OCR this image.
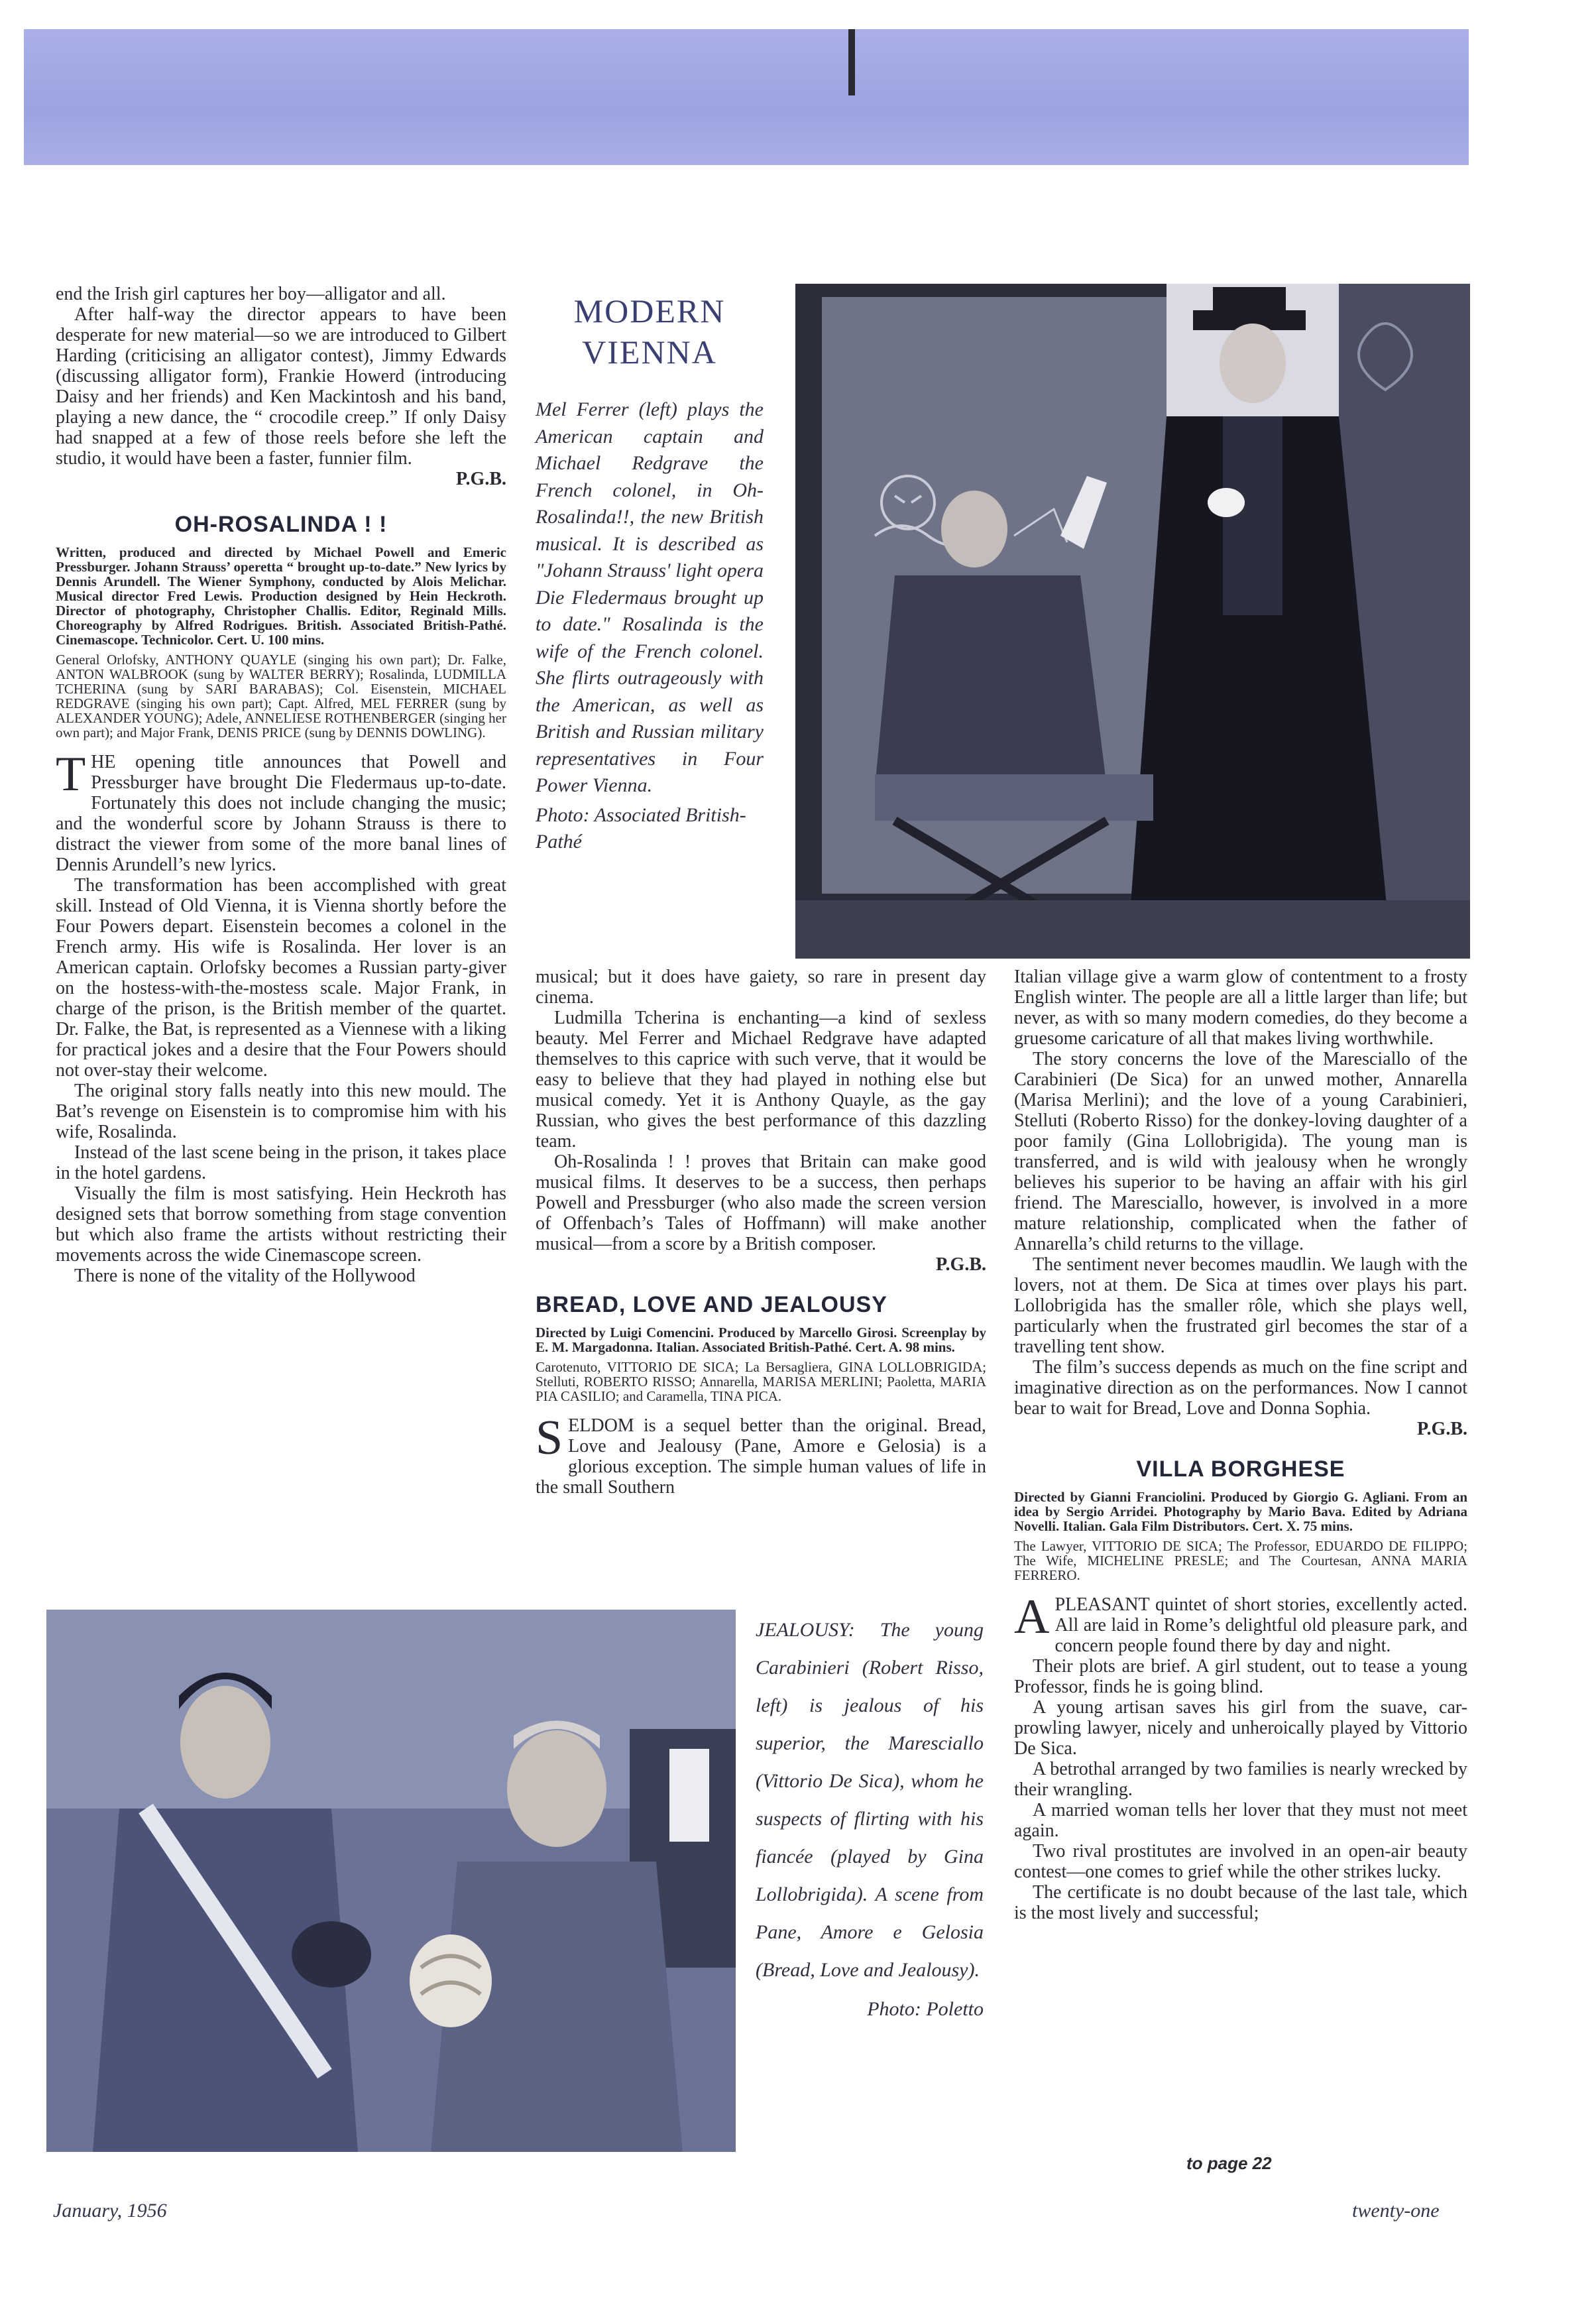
end the Irish girl captures her boy—alligator and all.

After half-way the director appears to have been desperate for new material—so we are introduced to Gilbert Harding (criticising an alligator contest), Jimmy Edwards (discussing alligator form), Frankie Howerd (introducing Daisy and her friends) and Ken Mackintosh and his band, playing a new dance, the “ crocodile creep.” If only Daisy had snapped at a few of those reels before she left the studio, it would have been a faster, funnier film.

P.G.B.

OH-ROSALINDA ! !
Written, produced and directed by Michael Powell and Emeric Pressburger. Johann Strauss’ operetta “ brought up-to-date.” New lyrics by Dennis Arundell. The Wiener Symphony, conducted by Alois Melichar. Musical director Fred Lewis. Production designed by Hein Heckroth. Director of photography, Christopher Challis. Editor, Reginald Mills. Choreography by Alfred Rodrigues. British. Associated British-Pathé. Cinemascope. Technicolor. Cert. U. 100 mins.
General Orlofsky, ANTHONY QUAYLE (singing his own part); Dr. Falke, ANTON WALBROOK (sung by WALTER BERRY); Rosalinda, LUDMILLA TCHERINA (sung by SARI BARABAS); Col. Eisenstein, MICHAEL REDGRAVE (singing his own part); Capt. Alfred, MEL FERRER (sung by ALEXANDER YOUNG); Adele, ANNELIESE ROTHENBERGER (singing her own part); and Major Frank, DENIS PRICE (sung by DENNIS DOWLING).

THE opening title announces that Powell and Pressburger have brought Die Fledermaus up-to-date. Fortunately this does not include changing the music; and the wonderful score by Johann Strauss is there to distract the viewer from some of the more banal lines of Dennis Arundell’s new lyrics.

The transformation has been accomplished with great skill. Instead of Old Vienna, it is Vienna shortly before the Four Powers depart. Eisenstein becomes a colonel in the French army. His wife is Rosalinda. Her lover is an American captain. Orlofsky becomes a Russian party-giver on the hostess-with-the-mostess scale. Major Frank, in charge of the prison, is the British member of the quartet. Dr. Falke, the Bat, is represented as a Viennese with a liking for practical jokes and a desire that the Four Powers should not over-stay their welcome.

The original story falls neatly into this new mould. The Bat’s revenge on Eisenstein is to compromise him with his wife, Rosalinda.

Instead of the last scene being in the prison, it takes place in the hotel gardens.

Visually the film is most satisfying. Hein Heckroth has designed sets that borrow something from stage convention but which also frame the artists without restricting their movements across the wide Cinemascope screen.

There is none of the vitality of the Hollywood

MODERN
VIENNA
Mel Ferrer (left) plays the American captain and Michael Redgrave the French colonel, in Oh-Rosalinda!!, the new British musical. It is described as "Johann Strauss' light opera Die Fledermaus brought up to date." Rosalinda is the wife of the French colonel. She flirts outrageously with the American, as well as British and Russian military representatives in Four Power Vienna.
Photo: Associated British-Pathé

musical; but it does have gaiety, so rare in present day cinema.

Ludmilla Tcherina is enchanting—a kind of sexless beauty. Mel Ferrer and Michael Redgrave have adapted themselves to this caprice with such verve, that it would be easy to believe that they had played in nothing else but musical comedy. Yet it is Anthony Quayle, as the gay Russian, who gives the best performance of this dazzling team.

Oh-Rosalinda ! ! proves that Britain can make good musical films. It deserves to be a success, then perhaps Powell and Pressburger (who also made the screen version of Offenbach’s Tales of Hoffmann) will make another musical—from a score by a British composer.

P.G.B.

BREAD, LOVE AND JEALOUSY
Directed by Luigi Comencini. Produced by Marcello Girosi. Screenplay by E. M. Margadonna. Italian. Associated British-Pathé. Cert. A. 98 mins.
Carotenuto, VITTORIO DE SICA; La Bersagliera, GINA LOLLOBRIGIDA; Stelluti, ROBERTO RISSO; Annarella, MARISA MERLINI; Paoletta, MARIA PIA CASILIO; and Caramella, TINA PICA.

SELDOM is a sequel better than the original. Bread, Love and Jealousy (Pane, Amore e Gelosia) is a glorious exception. The simple human values of life in the small Southern

Italian village give a warm glow of contentment to a frosty English winter. The people are all a little larger than life; but never, as with so many modern comedies, do they become a gruesome caricature of all that makes living worthwhile.

The story concerns the love of the Maresciallo of the Carabinieri (De Sica) for an unwed mother, Annarella (Marisa Merlini); and the love of a young Carabinieri, Stelluti (Roberto Risso) for the donkey-loving daughter of a poor family (Gina Lollobrigida). The young man is transferred, and is wild with jealousy when he wrongly believes his superior to be having an affair with his girl friend. The Maresciallo, however, is involved in a more mature relationship, complicated when the father of Annarella’s child returns to the village.

The sentiment never becomes maudlin. We laugh with the lovers, not at them. De Sica at times over plays his part. Lollobrigida has the smaller rôle, which she plays well, particularly when the frustrated girl becomes the star of a travelling tent show.

The film’s success depends as much on the fine script and imaginative direction as on the performances. Now I cannot bear to wait for Bread, Love and Donna Sophia.

P.G.B.

VILLA BORGHESE
Directed by Gianni Franciolini. Produced by Giorgio G. Agliani. From an idea by Sergio Arridei. Photography by Mario Bava. Edited by Adriana Novelli. Italian. Gala Film Distributors. Cert. X. 75 mins.
The Lawyer, VITTORIO DE SICA; The Professor, EDUARDO DE FILIPPO; The Wife, MICHELINE PRESLE; and The Courtesan, ANNA MARIA FERRERO.

APLEASANT quintet of short stories, excellently acted. All are laid in Rome’s delightful old pleasure park, and concern people found there by day and night.

Their plots are brief. A girl student, out to tease a young Professor, finds he is going blind.

A young artisan saves his girl from the suave, car-prowling lawyer, nicely and unheroically played by Vittorio De Sica.

A betrothal arranged by two families is nearly wrecked by their wrangling.

A married woman tells her lover that they must not meet again.

Two rival prostitutes are involved in an open-air beauty contest—one comes to grief while the other strikes lucky.

The certificate is no doubt because of the last tale, which is the most lively and successful;

to page 22
JEALOUSY: The young Carabinieri (Robert Risso, left) is jealous of his superior, the Maresciallo (Vittorio De Sica), whom he suspects of flirting with his fiancée (played by Gina Lollobrigida). A scene from Pane, Amore e Gelosia (Bread, Love and Jealousy).
Photo: Poletto
January, 1956	twenty-one
